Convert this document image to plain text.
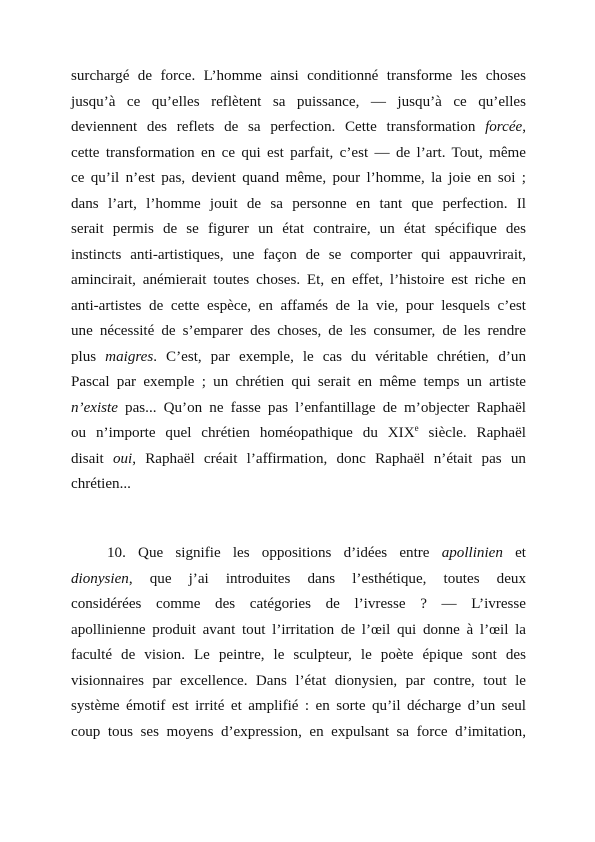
surchargé de force. L’homme ainsi conditionné transforme les choses
jusqu’à ce qu’elles reflètent sa puissance, — jusqu’à ce qu’elles
deviennent des reflets de sa perfection. Cette transformation forcée,
cette transformation en ce qui est parfait, c’est — de l’art. Tout, même
ce qu’il n’est pas, devient quand même, pour l’homme, la joie en soi ;
dans l’art, l’homme jouit de sa personne en tant que perfection. Il
serait permis de se figurer un état contraire, un état spécifique des
instincts anti-artistiques, une façon de se comporter qui appauvrirait,
amincirait, anémierait toutes choses. Et, en effet, l’histoire est riche en
anti-artistes de cette espèce, en affamés de la vie, pour lesquels c’est
une nécessité de s’emparer des choses, de les consumer, de les rendre
plus maigres. C’est, par exemple, le cas du véritable chrétien, d’un
Pascal par exemple ; un chrétien qui serait en même temps un artiste
n’existe pas... Qu’on ne fasse pas l’enfantillage de m’objecter Raphaël
ou n’importe quel chrétien homéopathique du XIXe siècle. Raphaël
disait oui, Raphaël créait l’affirmation, donc Raphaël n’était pas un
chrétien...
10. Que signifie les oppositions d’idées entre apollinien et
dionysien, que j’ai introduites dans l’esthétique, toutes deux
considérées comme des catégories de l’ivresse ? — L’ivresse
apollinienne produit avant tout l’irritation de l’œil qui donne à l’œil la
faculté de vision. Le peintre, le sculpteur, le poète épique sont des
visionnaires par excellence. Dans l’état dionysien, par contre, tout le
système émotif est irrité et amplifié : en sorte qu’il décharge d’un seul
coup tous ses moyens d’expression, en expulsant sa force d’imitation,
